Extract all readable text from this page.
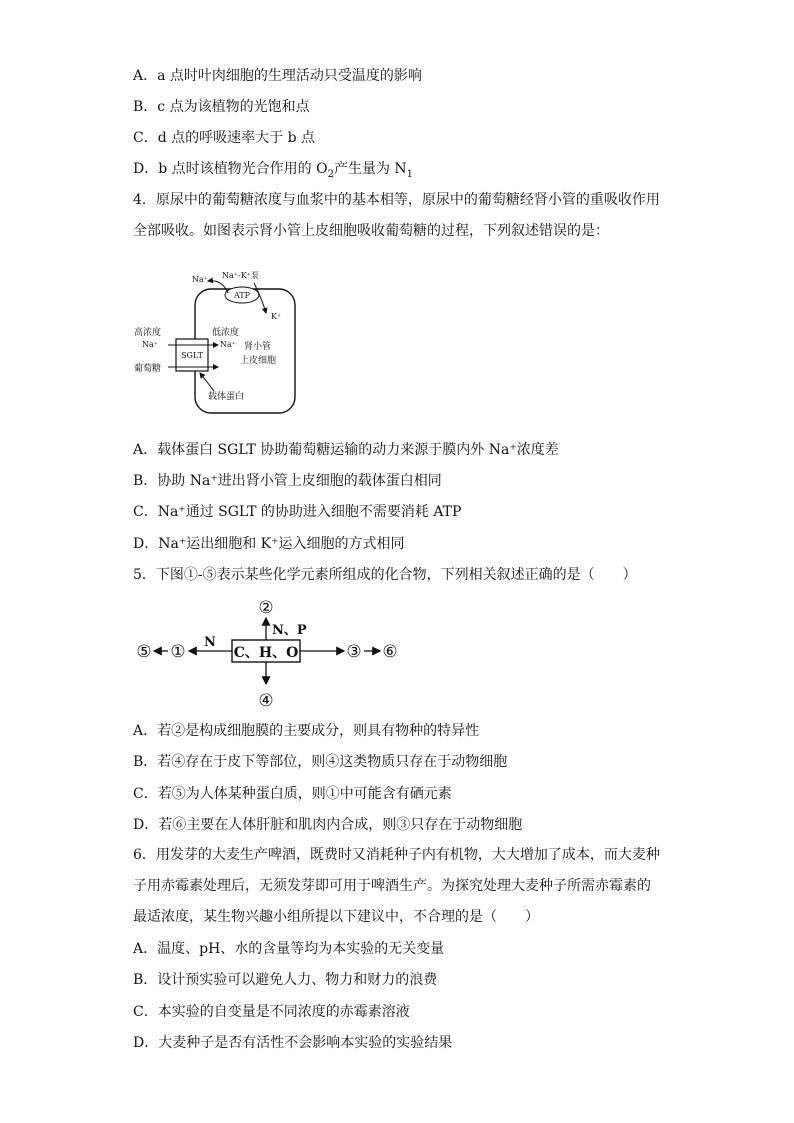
A．a 点时叶肉细胞的生理活动只受温度的影响
B．c 点为该植物的光饱和点
C．d 点的呼吸速率大于 b 点
D．b 点时该植物光合作用的 $O_2$产生量为 $N_1$
4．原尿中的葡萄糖浓度与血浆中的基本相等，原尿中的葡萄糖经肾小管的重吸收作用全部吸收。如图表示肾小管上皮细胞吸收葡萄糖的过程，下列叙述错误的是：
ATP
Na⁺-K⁺泵
Na⁺
K⁺
SGLT
高浓度
Na⁺
低浓度
Na⁺
葡萄糖
肾小管
上皮细胞
载体蛋白
A．载体蛋白 SGLT 协助葡萄糖运输的动力来源于膜内外 Na⁺浓度差
B．协助 Na⁺进出肾小管上皮细胞的载体蛋白相同
C．Na⁺通过 SGLT 的协助进入细胞不需要消耗 ATP
D．Na⁺运出细胞和 K⁺运入细胞的方式相同
5．下图①-⑤表示某些化学元素所组成的化合物，下列相关叙述正确的是（　　）
C、H、O
②
N、P
N
①
⑤	③ ⑥
④
A．若②是构成细胞膜的主要成分，则具有物种的特异性
B．若④存在于皮下等部位，则④这类物质只存在于动物细胞
C．若⑤为人体某种蛋白质，则①中可能含有硒元素
D．若⑥主要在人体肝脏和肌肉内合成，则③只存在于动物细胞
6．用发芽的大麦生产啤酒，既费时又消耗种子内有机物，大大增加了成本，而大麦种子用赤霉素处理后，无须发芽即可用于啤酒生产。为探究处理大麦种子所需赤霉素的最适浓度，某生物兴趣小组所提以下建议中，不合理的是（　　）
A．温度、pH、水的含量等均为本实验的无关变量
B．设计预实验可以避免人力、物力和财力的浪费
C．本实验的自变量是不同浓度的赤霉素溶液
D．大麦种子是否有活性不会影响本实验的实验结果
